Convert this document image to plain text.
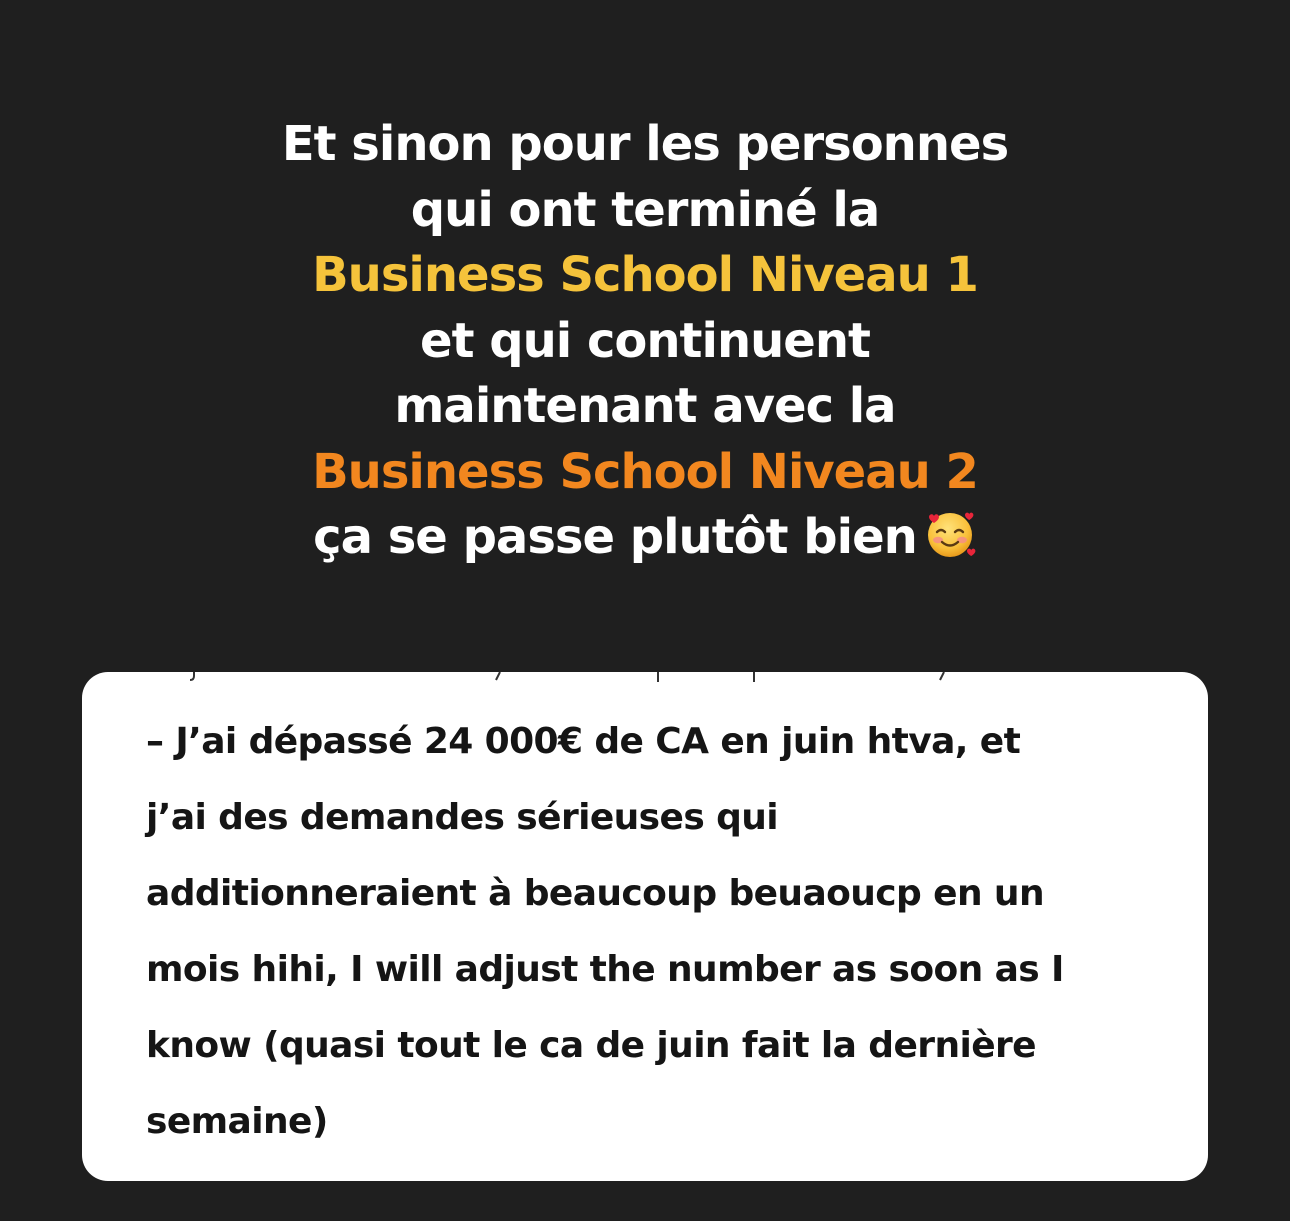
Et sinon pour les personnes
qui ont terminé la
Business School Niveau 1
et qui continuent
maintenant avec la
Business School Niveau 2
ça se passe plutôt bien
– J’ai dépassé 24 000€ de CA en juin htva, et
j’ai des demandes sérieuses qui
additionneraient à beaucoup beuaoucp en un
mois hihi, I will adjust the number as soon as I
know (quasi tout le ca de juin fait la dernière
semaine)
